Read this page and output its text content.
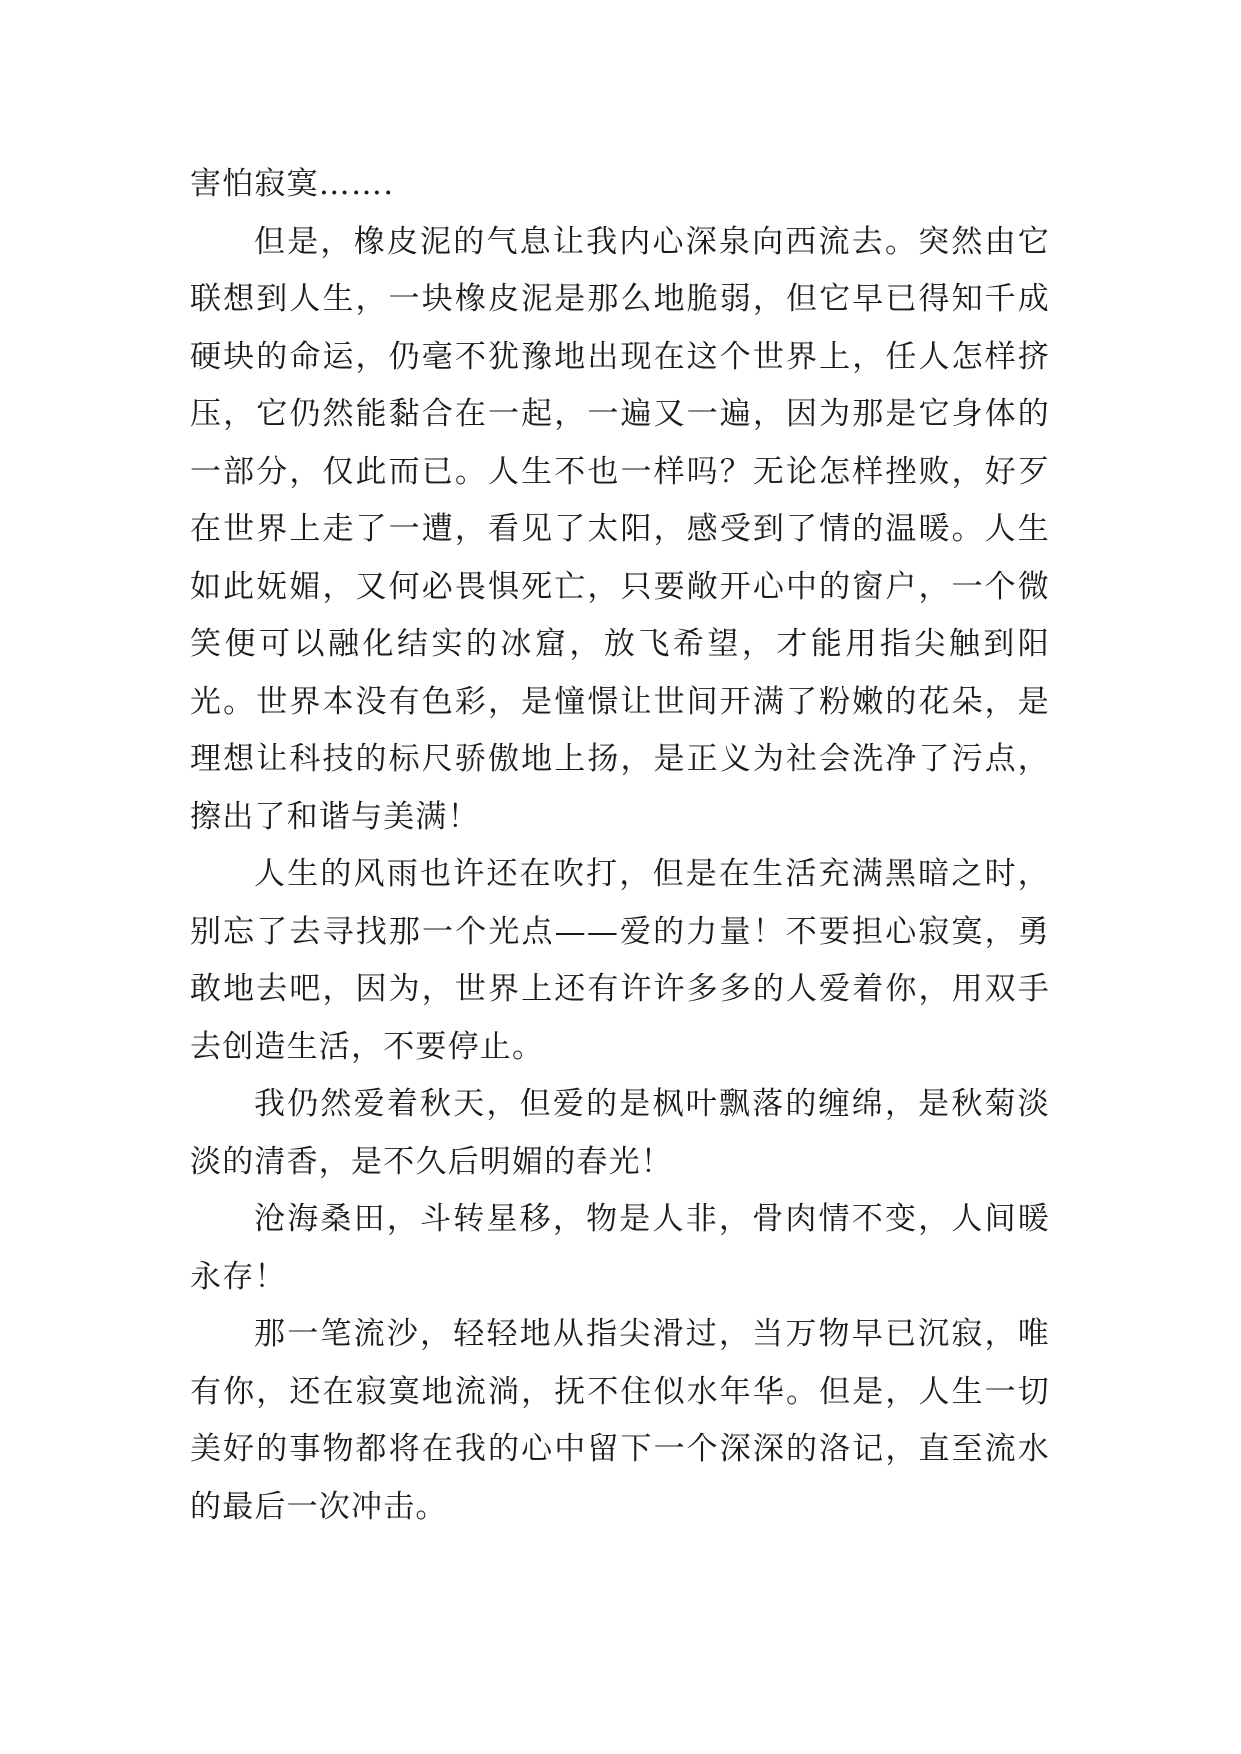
害怕寂寞…….

但是，橡皮泥的气息让我内心深泉向西流去。突然由它联想到人生，一块橡皮泥是那么地脆弱，但它早已得知千成硬块的命运，仍毫不犹豫地出现在这个世界上，任人怎样挤压，它仍然能黏合在一起，一遍又一遍，因为那是它身体的一部分，仅此而已。人生不也一样吗？无论怎样挫败，好歹在世界上走了一遭，看见了太阳，感受到了情的温暖。人生如此妩媚，又何必畏惧死亡，只要敞开心中的窗户，一个微笑便可以融化结实的冰窟，放飞希望，才能用指尖触到阳光。世界本没有色彩，是憧憬让世间开满了粉嫩的花朵，是理想让科技的标尺骄傲地上扬，是正义为社会洗净了污点，擦出了和谐与美满！

人生的风雨也许还在吹打，但是在生活充满黑暗之时，别忘了去寻找那一个光点——爱的力量！不要担心寂寞，勇敢地去吧，因为，世界上还有许许多多的人爱着你，用双手去创造生活，不要停止。

我仍然爱着秋天，但爱的是枫叶飘落的缠绵，是秋菊淡淡的清香，是不久后明媚的春光！

沧海桑田，斗转星移，物是人非，骨肉情不变，人间暖永存！

那一笔流沙，轻轻地从指尖滑过，当万物早已沉寂，唯有你，还在寂寞地流淌，抚不住似水年华。但是，人生一切美好的事物都将在我的心中留下一个深深的洛记，直至流水的最后一次冲击。
